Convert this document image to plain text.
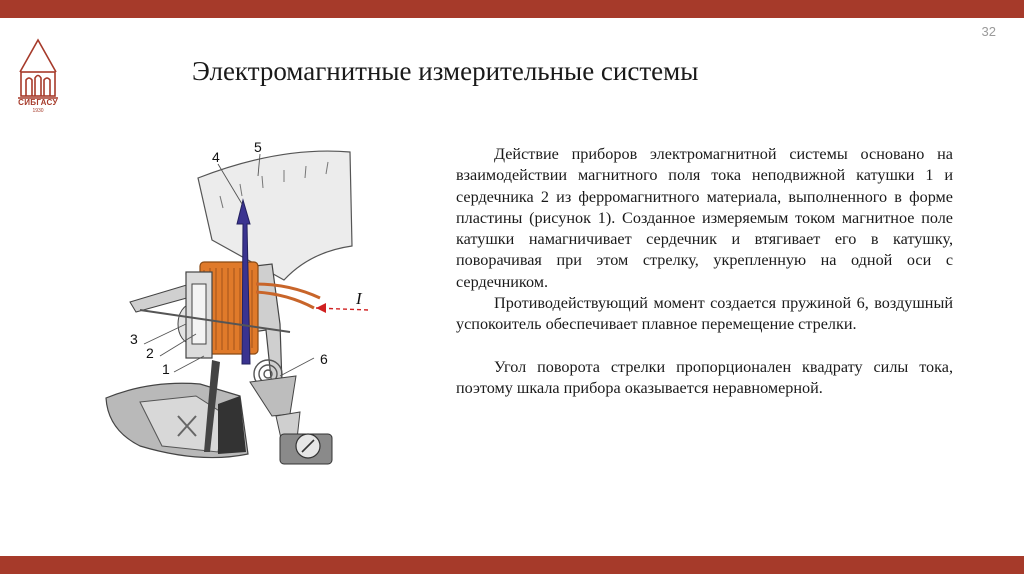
СИБГАСУ
1930
32
Электромагнитные измерительные системы
I
4
5
3
2
1
6

Действие приборов электромагнитной системы основано на взаимодействии магнитного поля тока неподвижной катушки 1 и сердечника 2 из ферромагнитного материала, выполненного в форме пластины (рисунок 1). Созданное измеряемым током магнитное поле катушки намагничивает сердечник и втягивает его в катушку, поворачивая при этом стрелку, укрепленную на одной оси с сердечником.

Противодействующий момент создается пружиной 6, воздушный успокоитель обеспечивает плавное перемещение стрелки.

Угол поворота стрелки пропорционален квадрату силы тока, поэтому шкала прибора оказывается неравномерной.
